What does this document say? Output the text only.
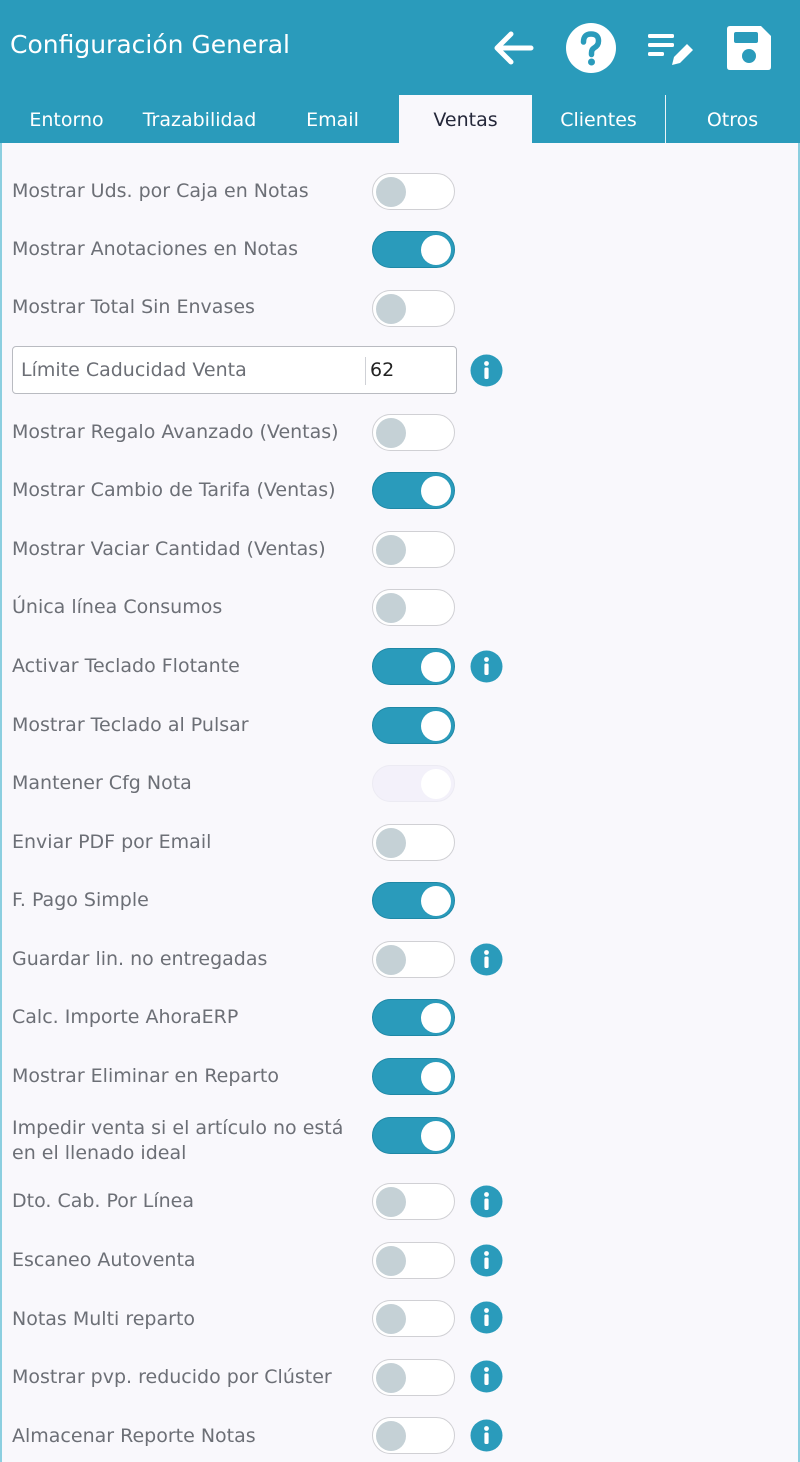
Configuración General
Entorno	Trazabilidad	Email	Ventas	Clientes	Otros
Mostrar Uds. por Caja en Notas
Mostrar Anotaciones en Notas
Mostrar Total Sin Envases
Límite Caducidad Venta	62
Mostrar Regalo Avanzado (Ventas)
Mostrar Cambio de Tarifa (Ventas)
Mostrar Vaciar Cantidad (Ventas)
Única línea Consumos
Activar Teclado Flotante
Mostrar Teclado al Pulsar
Mantener Cfg Nota
Enviar PDF por Email
F. Pago Simple
Guardar lin. no entregadas
Calc. Importe AhoraERP
Mostrar Eliminar en Reparto
Impedir venta si el artículo no está en el llenado ideal
Dto. Cab. Por Línea
Escaneo Autoventa
Notas Multi reparto
Mostrar pvp. reducido por Clúster
Almacenar Reporte Notas
